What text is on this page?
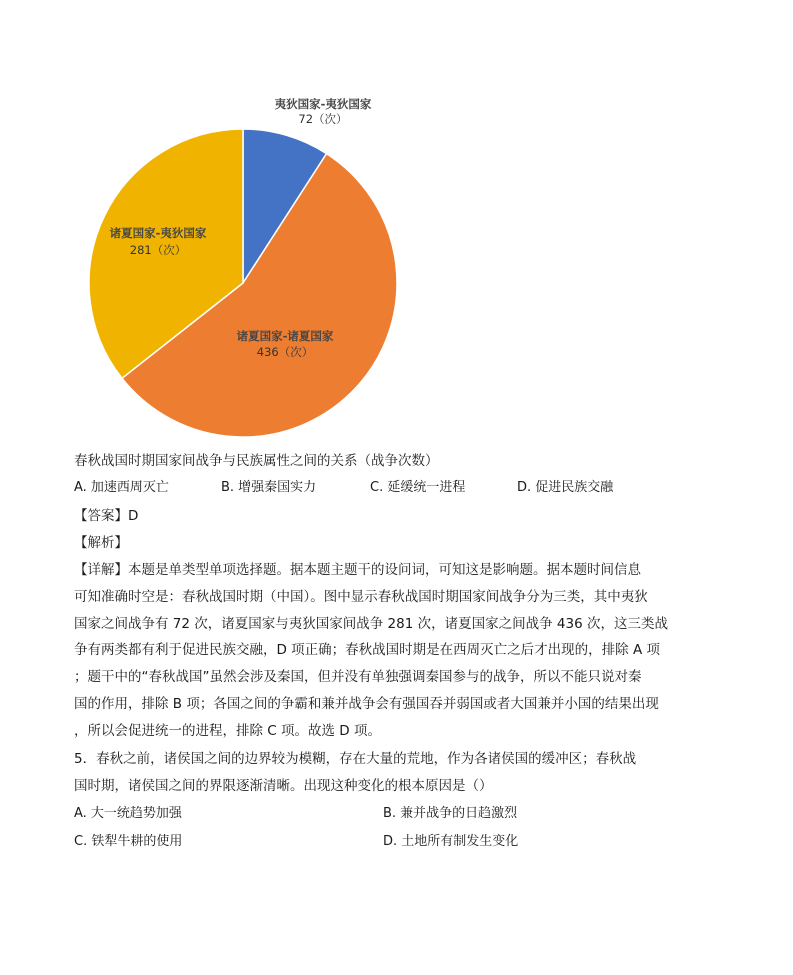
夷狄国家-夷狄国家
72（次）
诸夏国家-诸夏国家
436（次）
诸夏国家-夷狄国家
281（次）
春秋战国时期国家间战争与民族属性之间的关系（战争次数）
A. 加速西周灭亡	B. 增强秦国实力	C. 延缓统一进程	D. 促进民族交融
【答案】D
【解析】
【详解】本题是单类型单项选择题。据本题主题干的设问词，可知这是影响题。据本题时间信息
可知准确时空是：春秋战国时期（中国）。图中显示春秋战国时期国家间战争分为三类，其中夷狄
国家之间战争有 72 次，诸夏国家与夷狄国家间战争 281 次，诸夏国家之间战争 436 次，这三类战
争有两类都有利于促进民族交融，D 项正确；春秋战国时期是在西周灭亡之后才出现的，排除 A 项
；题干中的“春秋战国”虽然会涉及秦国，但并没有单独强调秦国参与的战争，所以不能只说对秦
国的作用，排除 B 项；各国之间的争霸和兼并战争会有强国吞并弱国或者大国兼并小国的结果出现
，所以会促进统一的进程，排除 C 项。故选 D 项。
5．春秋之前，诸侯国之间的边界较为模糊，存在大量的荒地，作为各诸侯国的缓冲区；春秋战
国时期，诸侯国之间的界限逐渐清晰。出现这种变化的根本原因是（）
A. 大一统趋势加强	B. 兼并战争的日趋激烈
C. 铁犁牛耕的使用	D. 土地所有制发生变化
